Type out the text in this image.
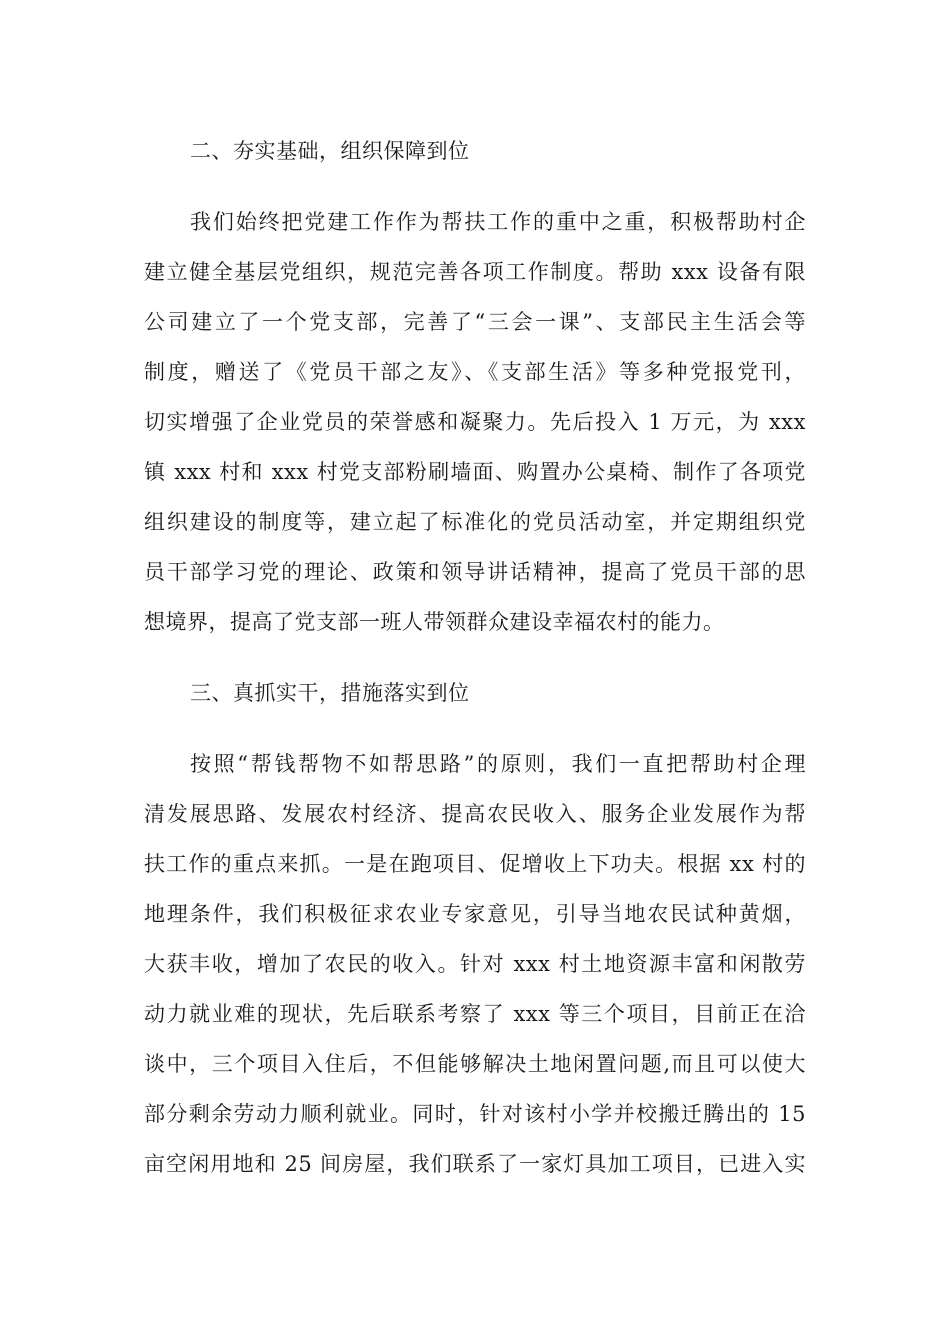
二、夯实基础，组织保障到位
我们始终把党建工作作为帮扶工作的重中之重，积极帮助村企
建立健全基层党组织，规范完善各项工作制度。帮助 xxx 设备有限
公司建立了一个党支部，完善了“三会一课”、支部民主生活会等
制度，赠送了《党员干部之友》、《支部生活》等多种党报党刊，
切实增强了企业党员的荣誉感和凝聚力。先后投入 1 万元，为 xxx
镇 xxx 村和 xxx 村党支部粉刷墙面、购置办公桌椅、制作了各项党
组织建设的制度等，建立起了标准化的党员活动室，并定期组织党
员干部学习党的理论、政策和领导讲话精神，提高了党员干部的思
想境界，提高了党支部一班人带领群众建设幸福农村的能力。
三、真抓实干，措施落实到位
按照“帮钱帮物不如帮思路”的原则，我们一直把帮助村企理
清发展思路、发展农村经济、提高农民收入、服务企业发展作为帮
扶工作的重点来抓。一是在跑项目、促增收上下功夫。根据 xx 村的
地理条件，我们积极征求农业专家意见，引导当地农民试种黄烟，
大获丰收，增加了农民的收入。针对 xxx 村土地资源丰富和闲散劳
动力就业难的现状，先后联系考察了 xxx 等三个项目，目前正在洽
谈中，三个项目入住后，不但能够解决土地闲置问题,而且可以使大
部分剩余劳动力顺利就业。同时，针对该村小学并校搬迁腾出的 15
亩空闲用地和 25 间房屋，我们联系了一家灯具加工项目，已进入实
